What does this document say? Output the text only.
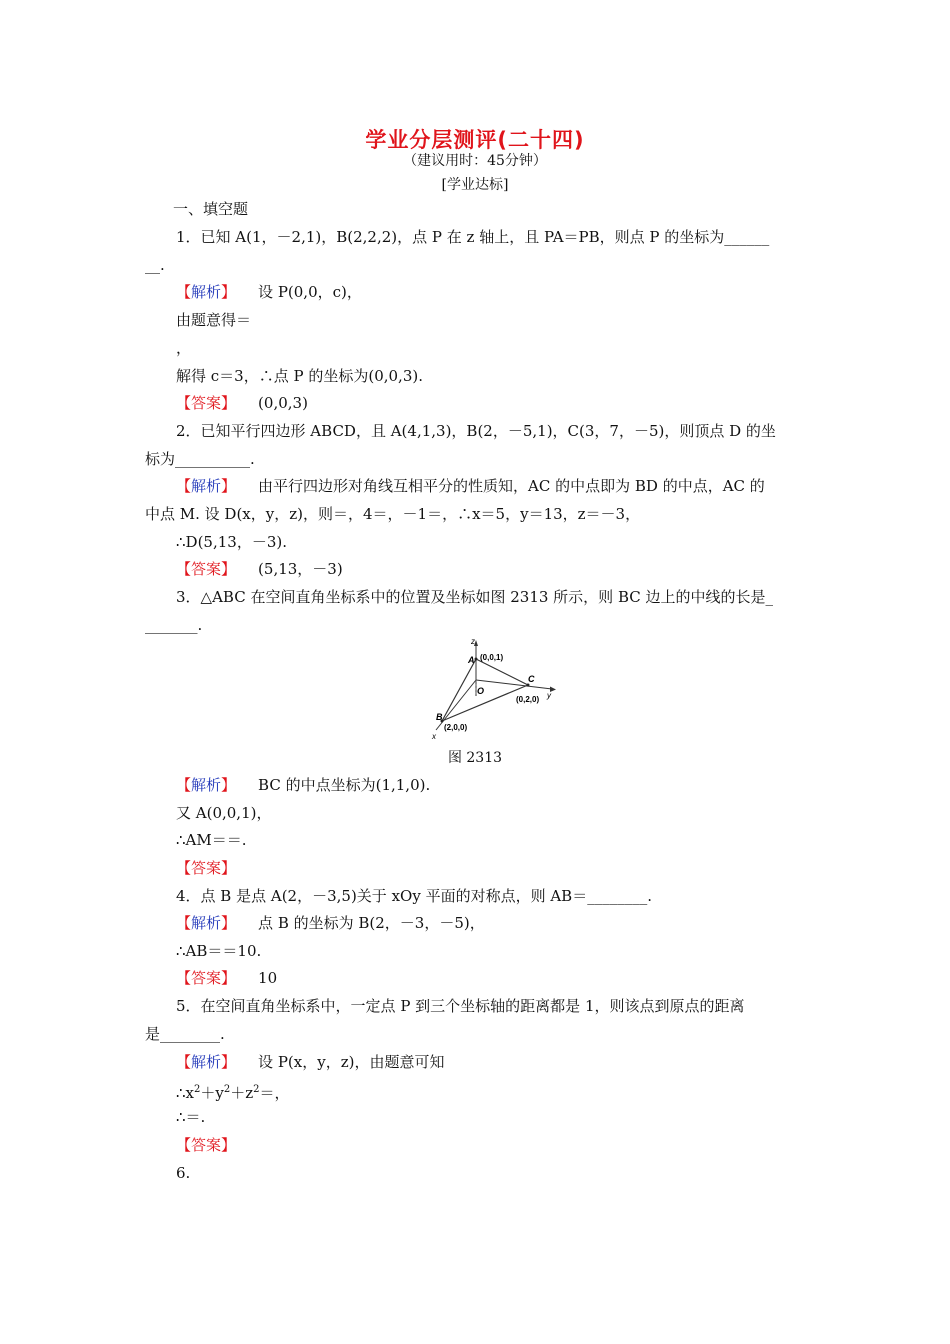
学业分层测评(二十四)
（建议用时：45分钟）
[学业达标]
一、填空题
1．已知 A(1，－2,1)，B(2,2,2)，点 P 在 z 轴上，且 PA＝PB，则点 P 的坐标为______
__.
【解析】 设 P(0,0，c)，
由题意得＝
，
解得 c＝3，∴点 P 的坐标为(0,0,3).
【答案】 (0,0,3)
2．已知平行四边形 ABCD，且 A(4,1,3)，B(2，－5,1)，C(3，7，－5)，则顶点 D 的坐
标为__________.
【解析】 由平行四边形对角线互相平分的性质知，AC 的中点即为 BD 的中点，AC 的
中点 M. 设 D(x，y，z)，则＝，4＝，－1＝，∴x＝5，y＝13，z＝－3，
∴D(5,13，－3).
【答案】 (5,13，－3)
3．△ABC 在空间直角坐标系中的位置及坐标如图 2313 所示，则 BC 边上的中线的长是_
_______.
z
y
x
A (0,0,1)
B
(2,0,0)
C
(0,2,0)
O
图 2313
【解析】 BC 的中点坐标为(1,1,0).
又 A(0,0,1)，
∴AM＝＝.
【答案】
4．点 B 是点 A(2，－3,5)关于 xOy 平面的对称点，则 AB＝________.
【解析】 点 B 的坐标为 B(2，－3，－5)，
∴AB＝＝10.
【答案】 10
5．在空间直角坐标系中，一定点 P 到三个坐标轴的距离都是 1，则该点到原点的距离
是________.
【解析】 设 P(x，y，z)，由题意可知
$\therefore x^2+y^2+z^2=$，
∴＝.
【答案】
6.
